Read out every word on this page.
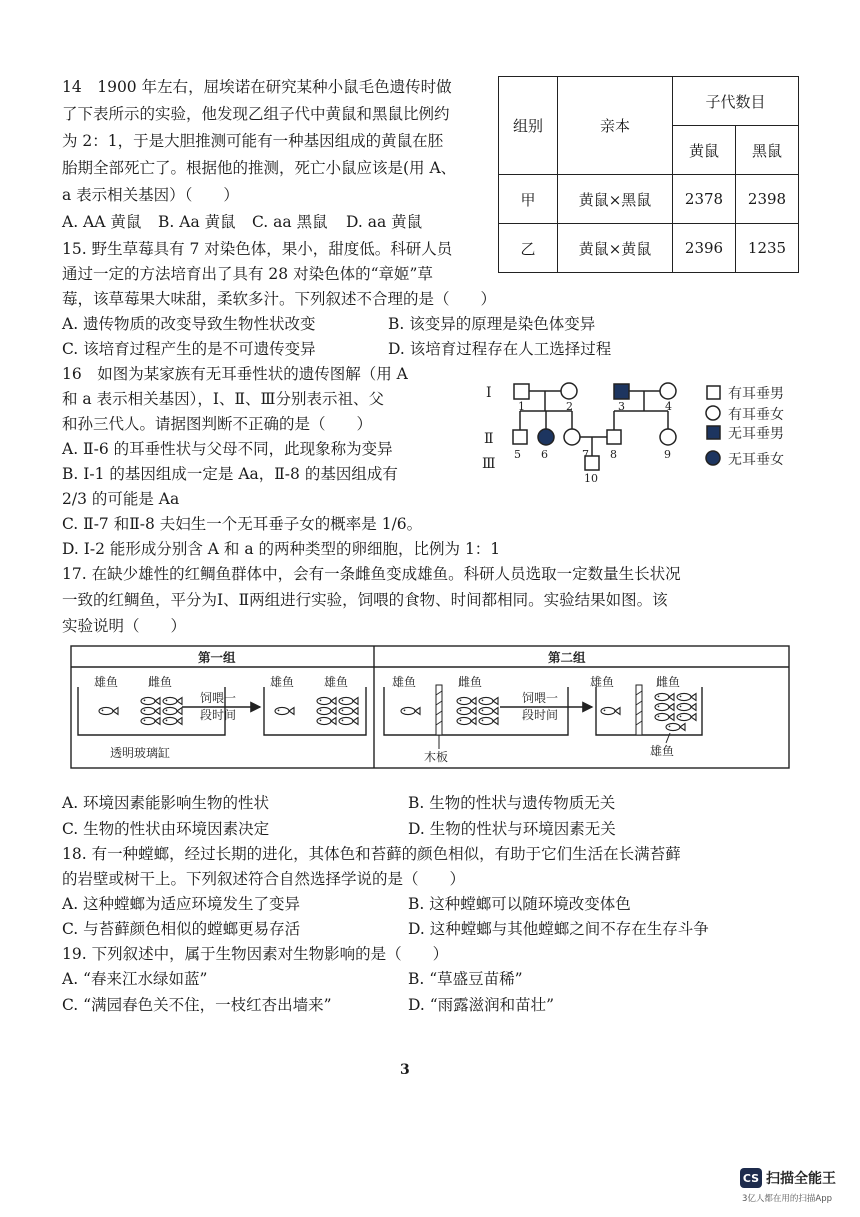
14　1900 年左右，屈埃诺在研究某种小鼠毛色遗传时做
了下表所示的实验，他发现乙组子代中黄鼠和黑鼠比例约
为 2：1，于是大胆推测可能有一种基因组成的黄鼠在胚
胎期全部死亡了。根据他的推测，死亡小鼠应该是(用 A、
a 表示相关基因）（　　）
A. AA 黄鼠 B. Aa 黄鼠 C. aa 黑鼠 D. aa 黄鼠
组别	亲本	子代数目	
		黄鼠	黑鼠
甲	黄鼠×黑鼠	2378	2398
乙	黄鼠×黄鼠	2396	1235
15. 野生草莓具有 7 对染色体，果小，甜度低。科研人员
通过一定的方法培育出了具有 28 对染色体的“章姬”草
莓，该草莓果大味甜，柔软多汁。下列叙述不合理的是（　　）
A. 遗传物质的改变导致生物性状改变	B. 该变异的原理是染色体变异
C. 该培育过程产生的是不可遗传变异	D. 该培育过程存在人工选择过程
16　如图为某家族有无耳垂性状的遗传图解（用 A
和 a 表示相关基因），Ⅰ、Ⅱ、Ⅲ分别表示祖、父
和孙三代人。请据图判断不正确的是（　　）
A. Ⅱ-6 的耳垂性状与父母不同，此现象称为变异
B. Ⅰ-1 的基因组成一定是 Aa，Ⅱ-8 的基因组成有
2/3 的可能是 Aa
C. Ⅱ-7 和Ⅱ-8 夫妇生一个无耳垂子女的概率是 1/6。
D. Ⅰ-2 能形成分别含 A 和 a 的两种类型的卵细胞，比例为 1：1
Ⅰ
Ⅱ
Ⅲ
1	2	3	4
5 6	7 8	9
10
有耳垂男
有耳垂女
无耳垂男
无耳垂女
17. 在缺少雄性的红鲷鱼群体中，会有一条雌鱼变成雄鱼。科研人员选取一定数量生长状况
一致的红鲷鱼，平分为Ⅰ、Ⅱ两组进行实验，饲喂的食物、时间都相同。实验结果如图。该
实验说明（　　）
第一组	第二组
雄鱼 雌鱼	雄鱼 雄鱼	雄鱼	雌鱼	雄鱼	雌鱼
饲喂一
段时间
饲喂一
段时间
透明玻璃缸	木板	雄鱼
A. 环境因素能影响生物的性状	B. 生物的性状与遗传物质无关
C. 生物的性状由环境因素决定	D. 生物的性状与环境因素无关
18. 有一种螳螂，经过长期的进化，其体色和苔藓的颜色相似，有助于它们生活在长满苔藓
的岩壁或树干上。下列叙述符合自然选择学说的是（　　）
A. 这种螳螂为适应环境发生了变异	B. 这种螳螂可以随环境改变体色
C. 与苔藓颜色相似的螳螂更易存活	D. 这种螳螂与其他螳螂之间不存在生存斗争
19. 下列叙述中，属于生物因素对生物影响的是（　　）
A. “春来江水绿如蓝”	B. “草盛豆苗稀”
C. “满园春色关不住，一枝红杏出墙来”	D. “雨露滋润和苗壮”
3
CS 扫描全能王
3亿人都在用的扫描App
